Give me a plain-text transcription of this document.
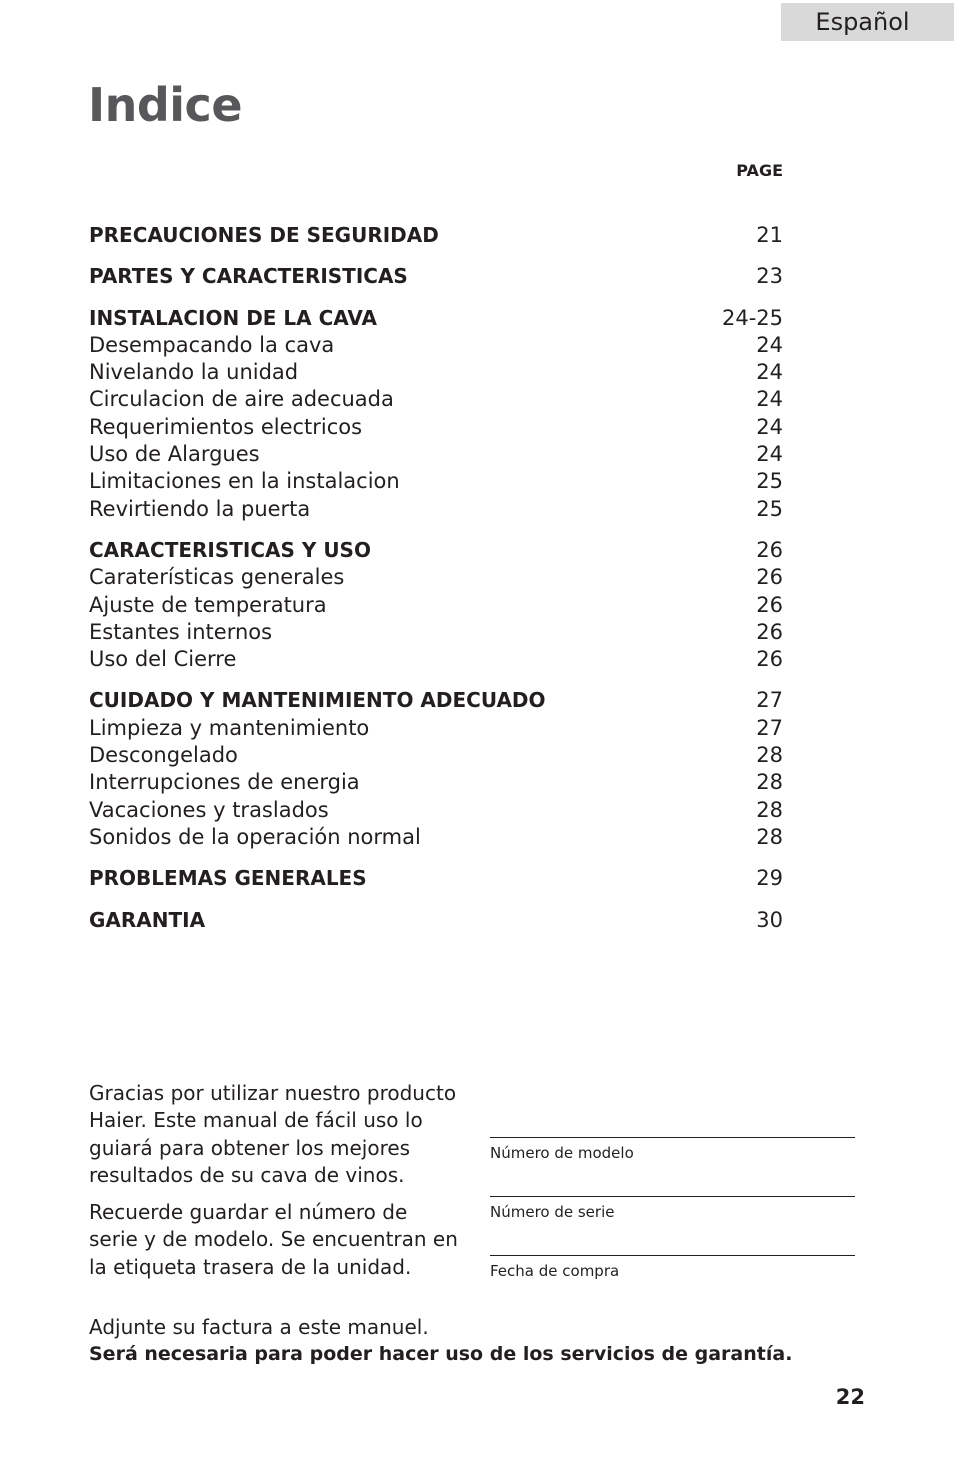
Español
Indice
PAGE
PRECAUCIONES DE SEGURIDAD	21
PARTES Y CARACTERISTICAS	23
INSTALACION DE LA CAVA	24-25
Desempacando la cava	24
Nivelando la unidad	24
Circulacion de aire adecuada	24
Requerimientos electricos	24
Uso de Alargues	24
Limitaciones en la instalacion	25
Revirtiendo la puerta	25
CARACTERISTICAS Y USO	26
Caraterísticas generales	26
Ajuste de temperatura	26
Estantes internos	26
Uso del Cierre	26
CUIDADO Y MANTENIMIENTO ADECUADO	27
Limpieza y mantenimiento	27
Descongelado	28
Interrupciones de energia	28
Vacaciones y traslados	28
Sonidos de la operación normal	28
PROBLEMAS GENERALES	29
GARANTIA	30

Gracias por utilizar nuestro producto Haier. Este manual de fácil uso lo guiará para obtener los mejores resultados de su cava de vinos.

Recuerde guardar el número de serie y de modelo. Se encuentran en la etiqueta trasera de la unidad.

Número de modelo
Número de serie
Fecha de compra
Adjunte su factura a este manuel.
Será necesaria para poder hacer uso de los servicios de garantía.
22
